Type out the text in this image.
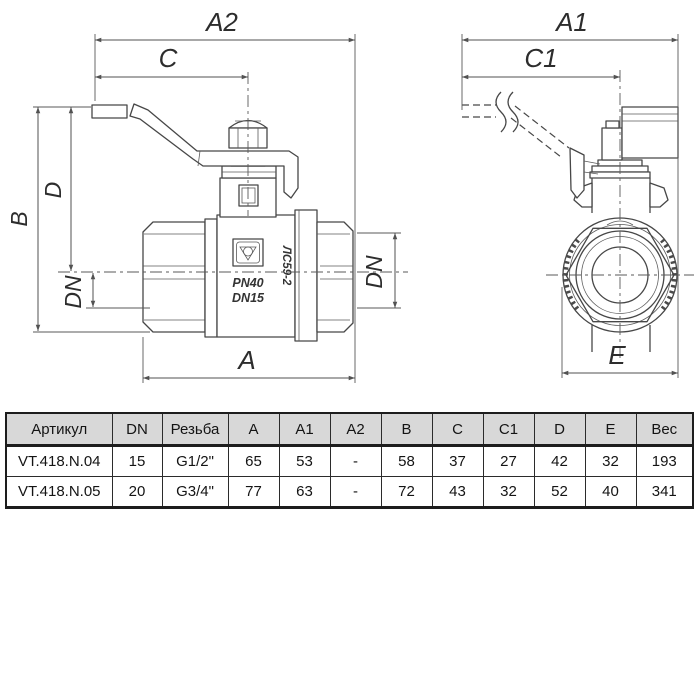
PN40
DN15
ЛС59-2
A2
C
B
D
DN
A
DN
A1
C1
E
Артикул	DN	Резьба	A	A1	A2	B	C	C1	D	E	Вес
VT.418.N.04	15	G1/2"	65	53	-	58	37	27	42	32	193
VT.418.N.05	20	G3/4"	77	63	-	72	43	32	52	40	341
